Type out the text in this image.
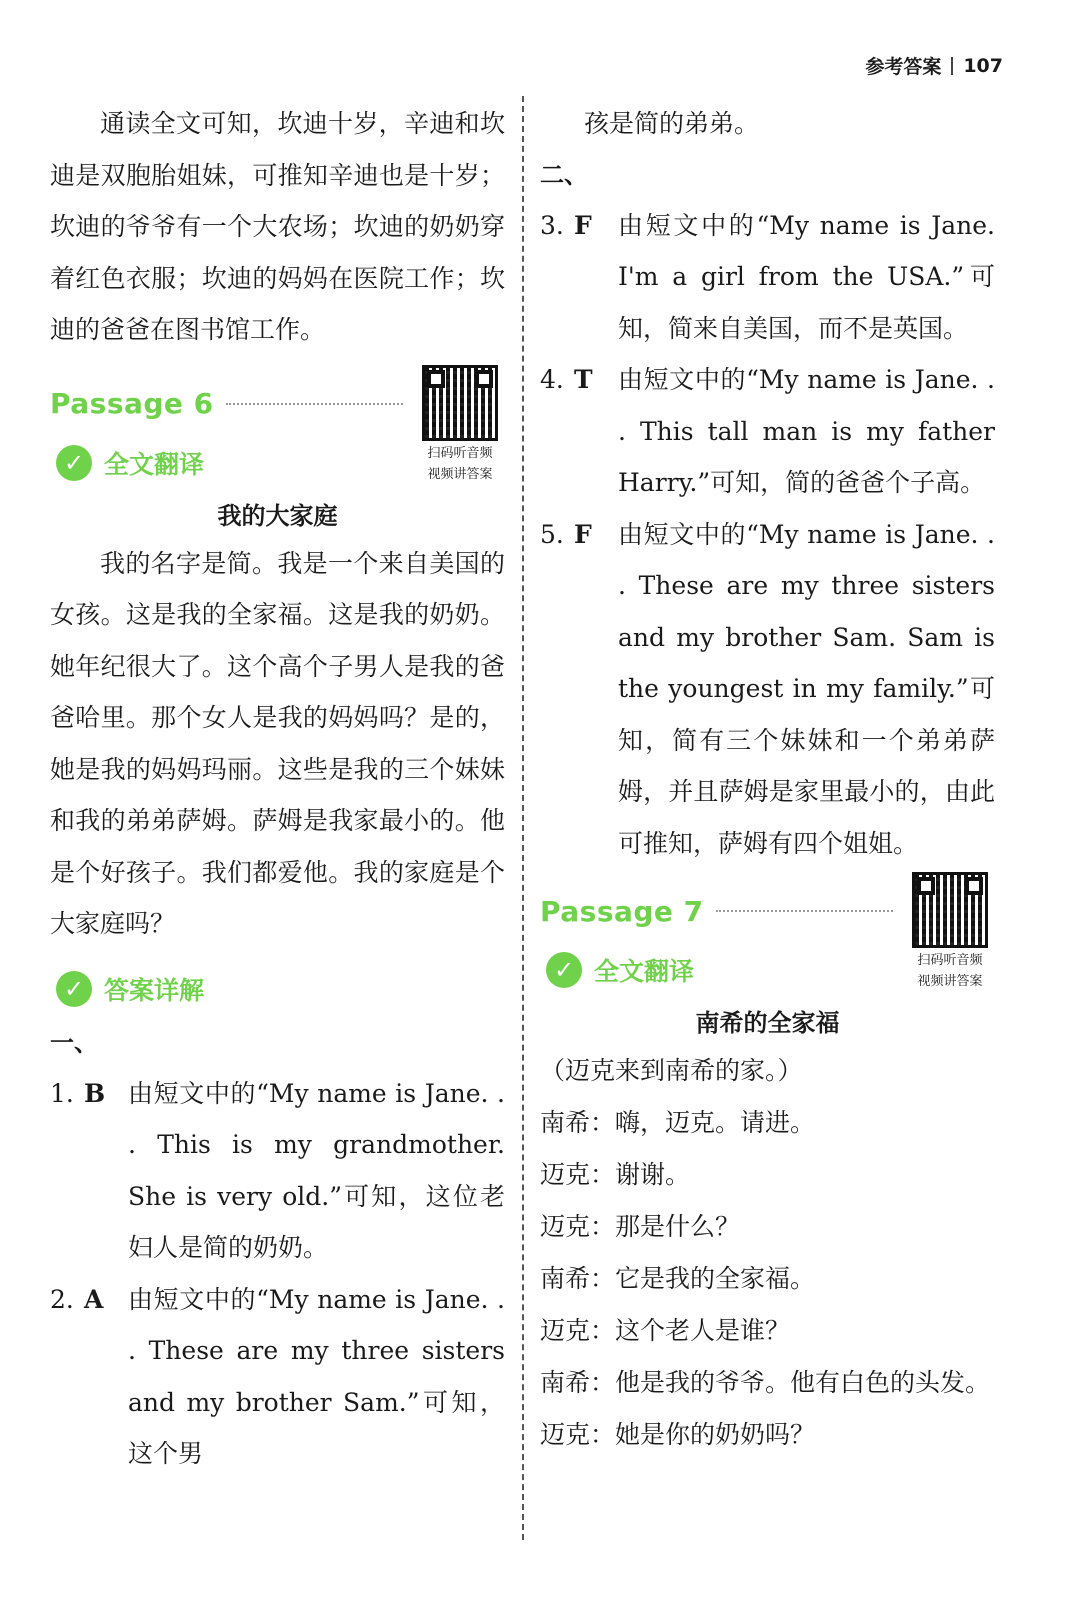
参考答案 107

通读全文可知，坎迪十岁，辛迪和坎迪是双胞胎姐妹，可推知辛迪也是十岁；坎迪的爷爷有一个大农场；坎迪的奶奶穿着红色衣服；坎迪的妈妈在医院工作；坎迪的爸爸在图书馆工作。

Passage 6
扫码听音频
视频讲答案
✓ 全文翻译
我的大家庭

我的名字是简。我是一个来自美国的女孩。这是我的全家福。这是我的奶奶。她年纪很大了。这个高个子男人是我的爸爸哈里。那个女人是我的妈妈吗？是的，她是我的妈妈玛丽。这些是我的三个妹妹和我的弟弟萨姆。萨姆是我家最小的。他是个好孩子。我们都爱他。我的家庭是个大家庭吗？

✓ 答案详解

一、

1. B 由短文中的“My name is Jane. . . This is my grandmother. She is very old.”可知，这位老妇人是简的奶奶。
2. A 由短文中的“My name is Jane. . . These are my three sisters and my brother Sam.”可知，这个男

孩是简的弟弟。

二、

3. F	由短文中的“My name is Jane. I'm a girl from the USA.”可知，简来自美国，而不是英国。
4. T	由短文中的“My name is Jane. . . This tall man is my father Harry.”可知，简的爸爸个子高。
5. F	由短文中的“My name is Jane. . . These are my three sisters and my brother Sam. Sam is the youngest in my family.”可知，简有三个妹妹和一个弟弟萨姆，并且萨姆是家里最小的，由此可推知，萨姆有四个姐姐。
Passage 7
扫码听音频
视频讲答案
✓ 全文翻译
南希的全家福

（迈克来到南希的家。）

南希：嗨，迈克。请进。

迈克：谢谢。

迈克：那是什么？

南希：它是我的全家福。

迈克：这个老人是谁？

南希：他是我的爷爷。他有白色的头发。

迈克：她是你的奶奶吗？
